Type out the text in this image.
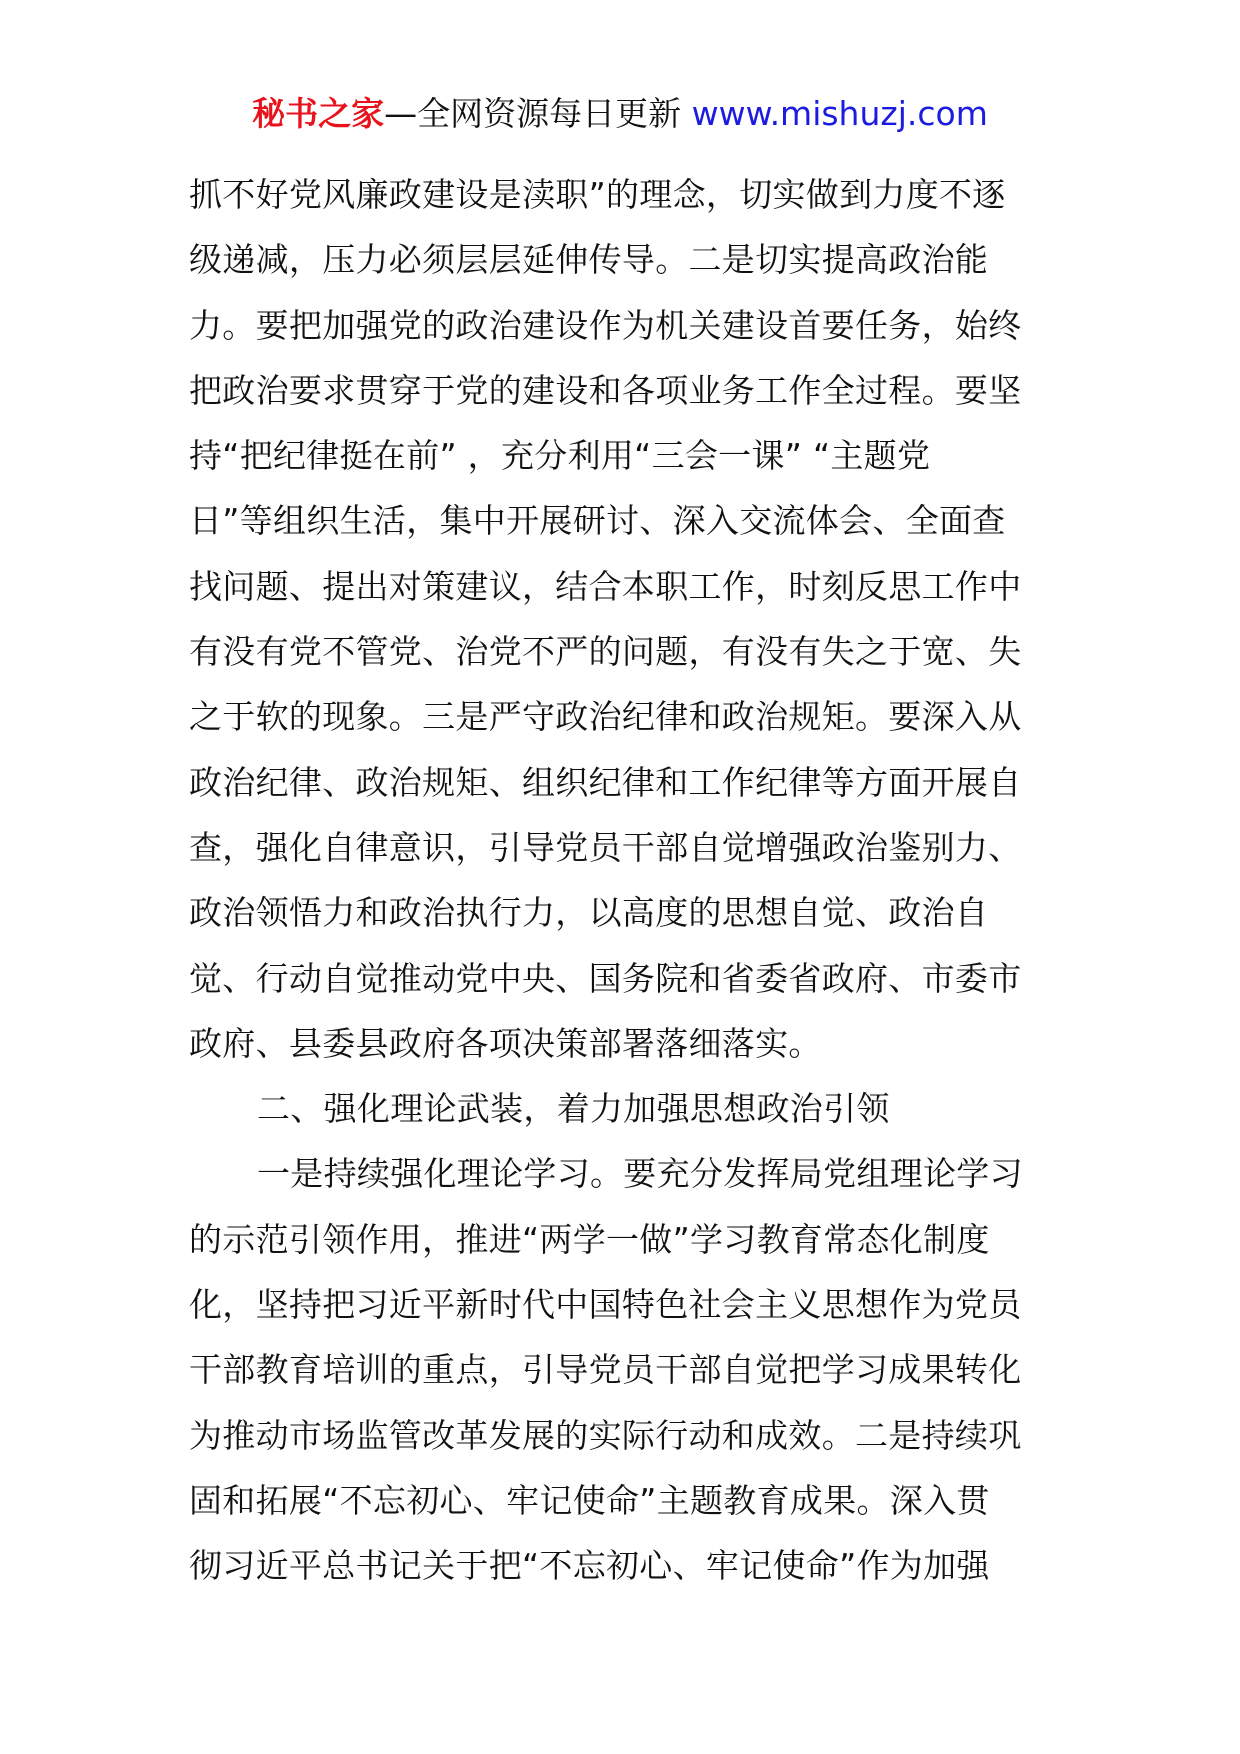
秘书之家—全网资源每日更新 www.mishuzj.com
抓不好党风廉政建设是渎职”的理念，切实做到力度不逐
级递减，压力必须层层延伸传导。二是切实提高政治能
力。要把加强党的政治建设作为机关建设首要任务，始终
把政治要求贯穿于党的建设和各项业务工作全过程。要坚
持“把纪律挺在前” ，充分利用“三会一课” “主题党
日”等组织生活，集中开展研讨、深入交流体会、全面查
找问题、提出对策建议，结合本职工作，时刻反思工作中
有没有党不管党、治党不严的问题，有没有失之于宽、失
之于软的现象。三是严守政治纪律和政治规矩。要深入从
政治纪律、政治规矩、组织纪律和工作纪律等方面开展自
查，强化自律意识，引导党员干部自觉增强政治鉴别力、
政治领悟力和政治执行力，以高度的思想自觉、政治自
觉、行动自觉推动党中央、国务院和省委省政府、市委市
政府、县委县政府各项决策部署落细落实。
二、强化理论武装，着力加强思想政治引领
一是持续强化理论学习。要充分发挥局党组理论学习
的示范引领作用，推进“两学一做”学习教育常态化制度
化，坚持把习近平新时代中国特色社会主义思想作为党员
干部教育培训的重点，引导党员干部自觉把学习成果转化
为推动市场监管改革发展的实际行动和成效。二是持续巩
固和拓展“不忘初心、牢记使命”主题教育成果。深入贯
彻习近平总书记关于把“不忘初心、牢记使命”作为加强
